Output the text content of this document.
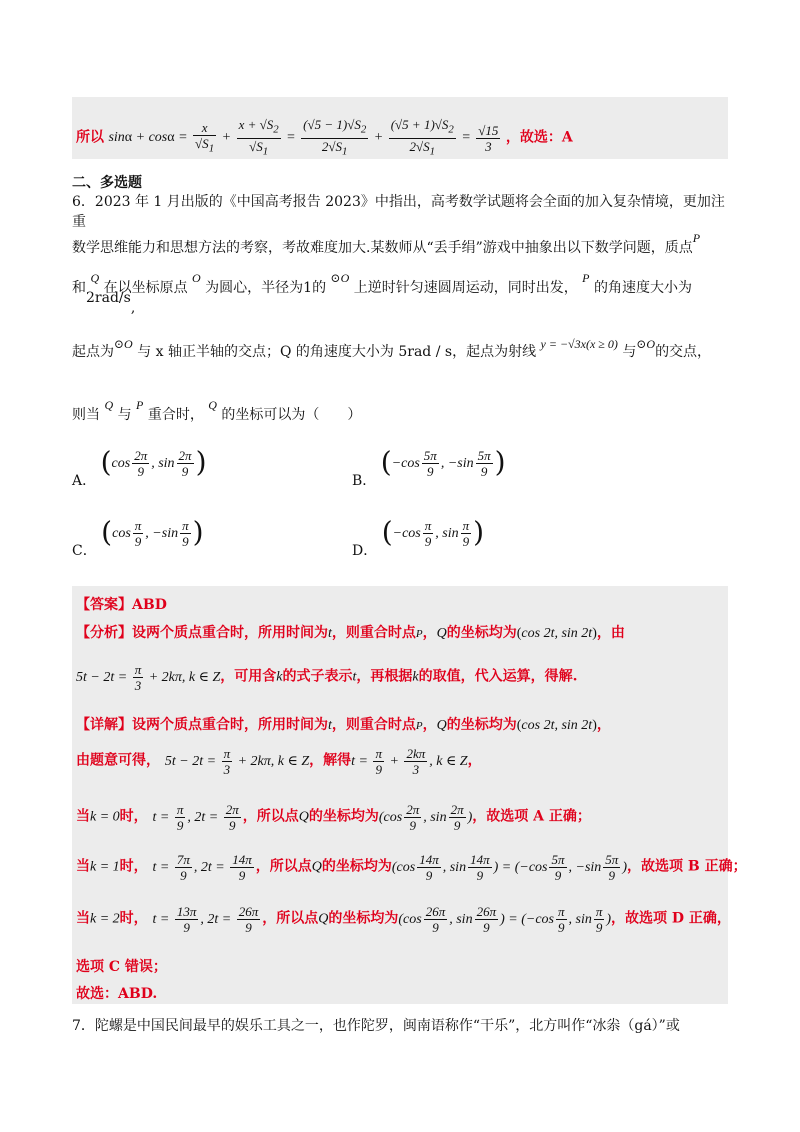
所以 $\sin\alpha + \cos\alpha = \frac{x}{√S_1} + \frac{x + √S_2}{√S_1} = \frac{(√5 - 1)√S_2}{2√S_1} + \frac{(√5 + 1)√S_2}{2√S_1} = \frac{√15}{3}$ ，故选：A
二、多选题
6．2023 年 1 月出版的《中国高考报告 2023》中指出，高考数学试题将会全面的加入复杂情境，更加注重
数学思维能力和思想方法的考察，考故难度加大.某数师从“丢手绢”游戏中抽象出以下数学问题，质点P
和 Q 在以坐标原点 O 为圆心，半径为1的 ⊙O 上逆时针匀速圆周运动，同时出发， P 的角速度大小为 2rad/s,
起点为⊙O 与 x 轴正半轴的交点；Q 的角速度大小为 5rad / s，起点为射线 y = −√3x(x ≥ 0) 与⊙O的交点，
则当 Q 与 P 重合时， Q 的坐标可以为（　　）
A． ($\cos \frac{2\pi}{9}$ , $\sin \frac{2\pi}{9}$ )
B． ($-\cos \frac{5\pi}{9}$ , $-\sin \frac{5\pi}{9}$ )
C． ($\cos \frac{\pi}{9}$ , $-\sin \frac{\pi}{9}$ )
D． ($-\cos \frac{\pi}{9}$ , $\sin \frac{\pi}{9}$ )
【答案】ABD
【分析】设两个质点重合时，所用时间为t，则重合时点P，Q的坐标均为(cos 2t, sin 2t)，由
$5t - 2t = \frac{\pi}{3} + 2k\pi$, k ∈ Z，可用含k的式子表示t，再根据k的取值，代入运算，得解.
【详解】设两个质点重合时，所用时间为t，则重合时点P，Q的坐标均为(cos 2t, sin 2t)，
由题意可得， $5t - 2t = \frac{\pi}{3} + 2k\pi$, k ∈ Z，解得$t = \frac{\pi}{9} + \frac{2k\pi}{3}$ , k ∈ Z，
当k = 0时， $t = \frac{\pi}{9}$ , $2t = \frac{2\pi}{9}$ ，所以点Q的坐标均为($\cos \frac{2\pi}{9}$ , $\sin \frac{2\pi}{9}$ )，故选项 A 正确；
当k = 1时， $t = \frac{7\pi}{9}$ , $2t = \frac{14\pi}{9}$ ，所以点Q的坐标均为($\cos \frac{14\pi}{9}$ , $\sin \frac{14\pi}{9}$ ) = ($-\cos \frac{5\pi}{9}$ , $-\sin \frac{5\pi}{9}$ )，故选项 B 正确；
当k = 2时， $t = \frac{13\pi}{9}$ , $2t = \frac{26\pi}{9}$ ，所以点Q的坐标均为($\cos \frac{26\pi}{9}$ , $\sin \frac{26\pi}{9}$ ) = ($-\cos \frac{\pi}{9}$ , $\sin \frac{\pi}{9}$ )，故选项 D 正确，
选项 C 错误；
故选：ABD.
7．陀螺是中国民间最早的娱乐工具之一，也作陀罗，闽南语称作“干乐”，北方叫作“冰尜（gá）”或
